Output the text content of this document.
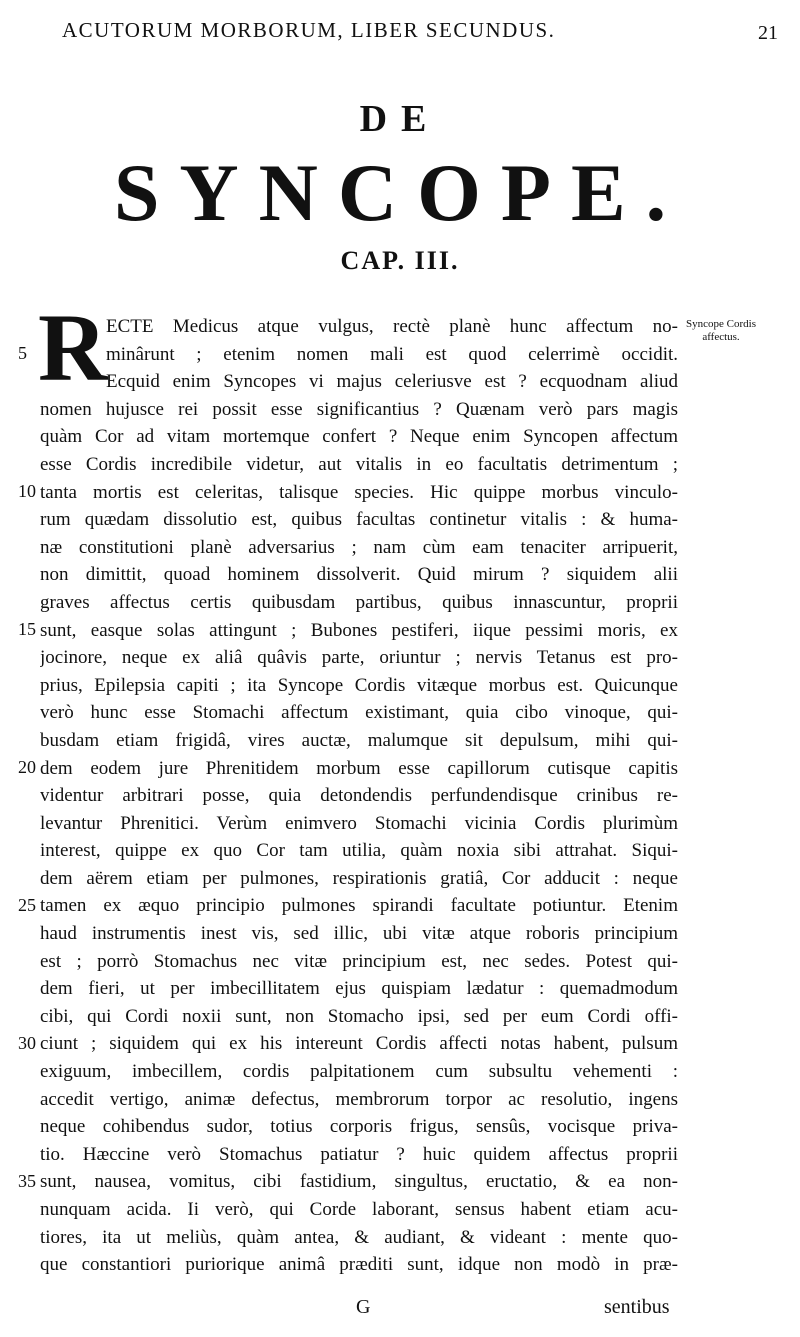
ACUTORUM MORBORUM, LIBER SECUNDUS.	21
DE
SYNCOPE.
CAP. III.
R	Syncope Cordis affectus.
5
10
15
20
25
30
35
ECTE Medicus atque vulgus, rectè planè hunc affectum no-
minârunt ; etenim nomen mali est quod celerrimè occidit.
Ecquid enim Syncopes vi majus celeriusve est ? ecquodnam aliud
nomen hujusce rei possit esse significantius ? Quænam verò pars magis
quàm Cor ad vitam mortemque confert ? Neque enim Syncopen affectum
esse Cordis incredibile videtur, aut vitalis in eo facultatis detrimentum ;
tanta mortis est celeritas, talisque species. Hic quippe morbus vinculo-
rum quædam dissolutio est, quibus facultas continetur vitalis : & huma-
næ constitutioni planè adversarius ; nam cùm eam tenaciter arripuerit,
non dimittit, quoad hominem dissolverit. Quid mirum ? siquidem alii
graves affectus certis quibusdam partibus, quibus innascuntur, proprii
sunt, easque solas attingunt ; Bubones pestiferi, iique pessimi moris, ex
jocinore, neque ex aliâ quâvis parte, oriuntur ; nervis Tetanus est pro-
prius, Epilepsia capiti ; ita Syncope Cordis vitæque morbus est. Quicunque
verò hunc esse Stomachi affectum existimant, quia cibo vinoque, qui-
busdam etiam frigidâ, vires auctæ, malumque sit depulsum, mihi qui-
dem eodem jure Phrenitidem morbum esse capillorum cutisque capitis
videntur arbitrari posse, quia detondendis perfundendisque crinibus re-
levantur Phrenitici. Verùm enimvero Stomachi vicinia Cordis plurimùm
interest, quippe ex quo Cor tam utilia, quàm noxia sibi attrahat. Siqui-
dem aërem etiam per pulmones, respirationis gratiâ, Cor adducit : neque
tamen ex æquo principio pulmones spirandi facultate potiuntur. Etenim
haud instrumentis inest vis, sed illic, ubi vitæ atque roboris principium
est ; porrò Stomachus nec vitæ principium est, nec sedes. Potest qui-
dem fieri, ut per imbecillitatem ejus quispiam lædatur : quemadmodum
cibi, qui Cordi noxii sunt, non Stomacho ipsi, sed per eum Cordi offi-
ciunt ; siquidem qui ex his intereunt Cordis affecti notas habent, pulsum
exiguum, imbecillem, cordis palpitationem cum subsultu vehementi :
accedit vertigo, animæ defectus, membrorum torpor ac resolutio, ingens
neque cohibendus sudor, totius corporis frigus, sensûs, vocisque priva-
tio. Hæccine verò Stomachus patiatur ? huic quidem affectus proprii
sunt, nausea, vomitus, cibi fastidium, singultus, eructatio, & ea non-
nunquam acida. Ii verò, qui Corde laborant, sensus habent etiam acu-
tiores, ita ut meliùs, quàm antea, & audiant, & videant : mente quo-
que constantiori puriorique animâ præditi sunt, idque non modò in præ-
G	sentibus
